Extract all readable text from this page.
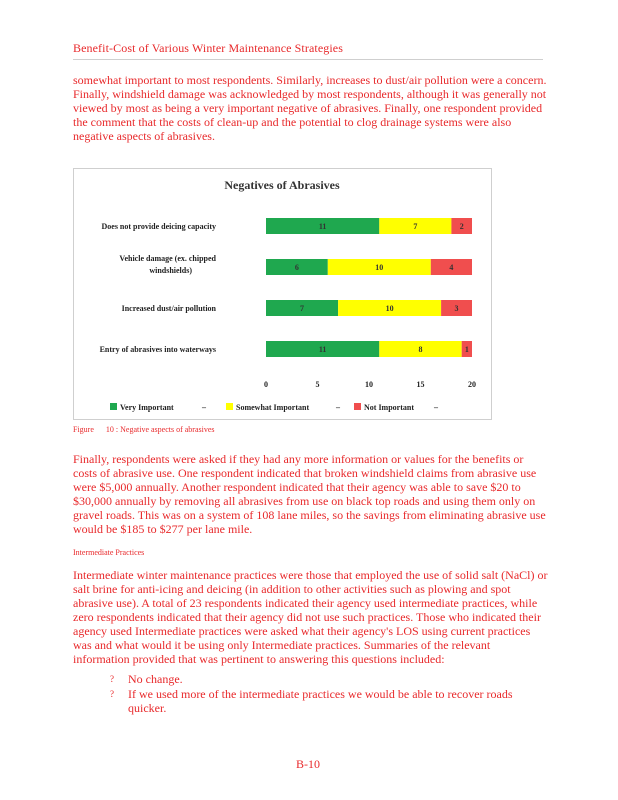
Benefit-Cost of Various Winter Maintenance Strategies
somewhat important to most respondents. Similarly, increases to dust/air pollution were a concern. Finally, windshield damage was acknowledged by most respondents, although it was generally not viewed by most as being a very important negative of abrasives. Finally, one respondent provided the comment that the costs of clean-up and the potential to clog drainage systems were also negative aspects of abrasives.
Negatives of Abrasives
Does not provide deicing capacity
Vehicle damage (ex. chipped
windshields)
Increased dust/air pollution
Entry of abrasives into waterways
11	7	2
6	10	4
7	10	3
11	8	1
0	5	10	15	20
Very Important	–	Somewhat Important	–	Not Important	–
Figure 10 : Negative aspects of abrasives
Finally, respondents were asked if they had any more information or values for the benefits or costs of abrasive use. One respondent indicated that broken windshield claims from abrasive use were $5,000 annually. Another respondent indicated that their agency was able to save $20 to $30,000 annually by removing all abrasives from use on black top roads and using them only on gravel roads. This was on a system of 108 lane miles, so the savings from eliminating abrasive use would be $185 to $277 per lane mile.
Intermediate Practices
Intermediate winter maintenance practices were those that employed the use of solid salt (NaCl) or salt brine for anti-icing and deicing (in addition to other activities such as plowing and spot abrasive use). A total of 23 respondents indicated their agency used intermediate practices, while zero respondents indicated that their agency did not use such practices. Those who indicated their agency used Intermediate practices were asked what their agency's LOS using current practices was and what would it be using only Intermediate practices. Summaries of the relevant information provided that was pertinent to answering this questions included:
? No change.
? If we used more of the intermediate practices we would be able to recover roads quicker.
B-10
